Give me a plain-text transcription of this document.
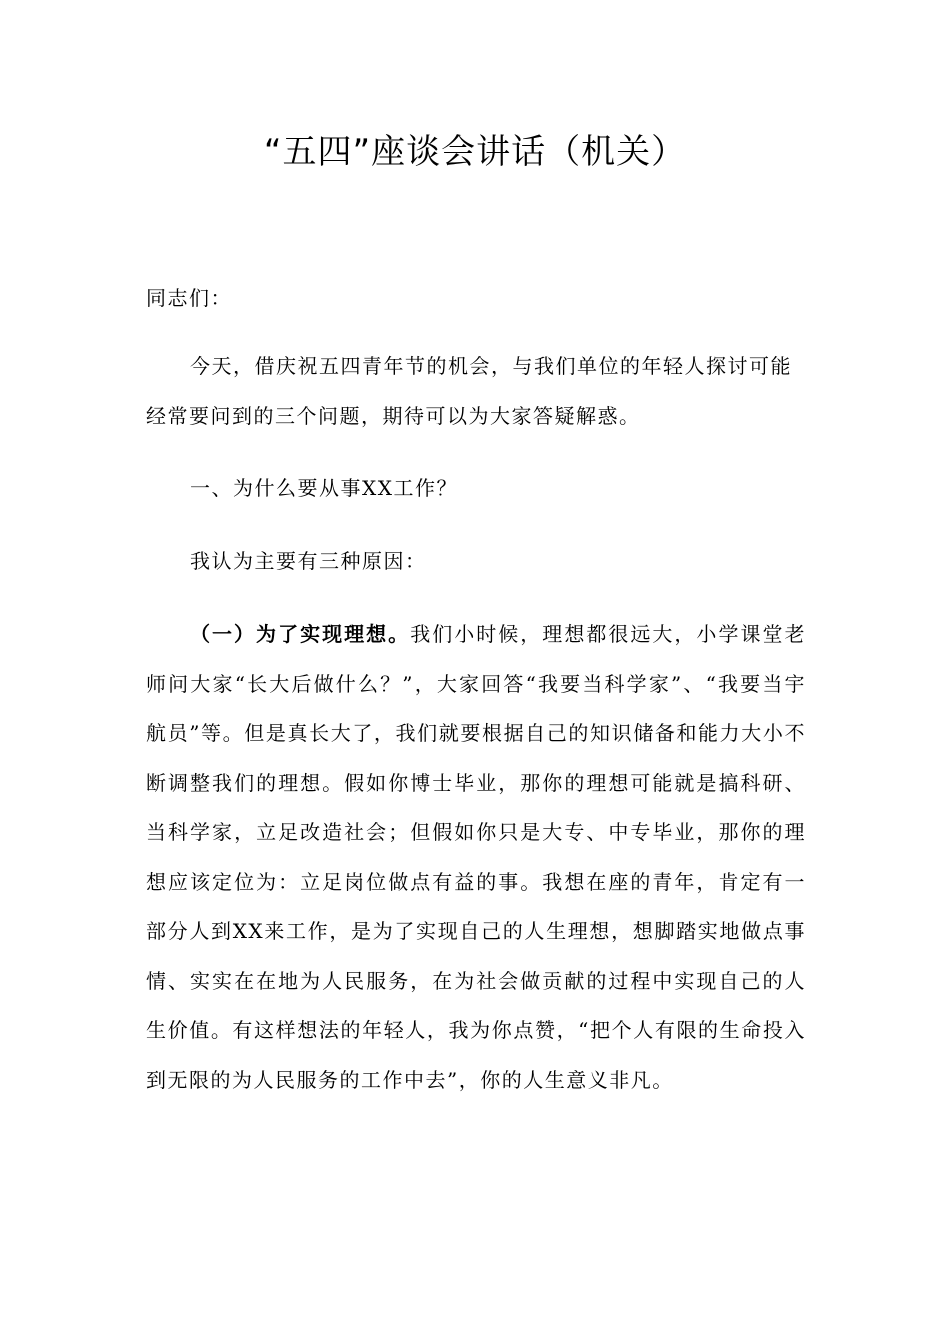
“五四”座谈会讲话（机关）

同志们：

今天，借庆祝五四青年节的机会，与我们单位的年轻人探讨可能经常要问到的三个问题，期待可以为大家答疑解惑。

一、为什么要从事XX工作？

我认为主要有三种原因：

（一）为了实现理想。我们小时候，理想都很远大，小学课堂老师问大家“长大后做什么？”，大家回答“我要当科学家”、“我要当宇航员”等。但是真长大了，我们就要根据自己的知识储备和能力大小不断调整我们的理想。假如你博士毕业，那你的理想可能就是搞科研、当科学家，立足改造社会；但假如你只是大专、中专毕业，那你的理想应该定位为：立足岗位做点有益的事。我想在座的青年，肯定有一部分人到XX来工作，是为了实现自己的人生理想，想脚踏实地做点事情、实实在在地为人民服务，在为社会做贡献的过程中实现自己的人生价值。有这样想法的年轻人，我为你点赞，“把个人有限的生命投入到无限的为人民服务的工作中去”，你的人生意义非凡。
